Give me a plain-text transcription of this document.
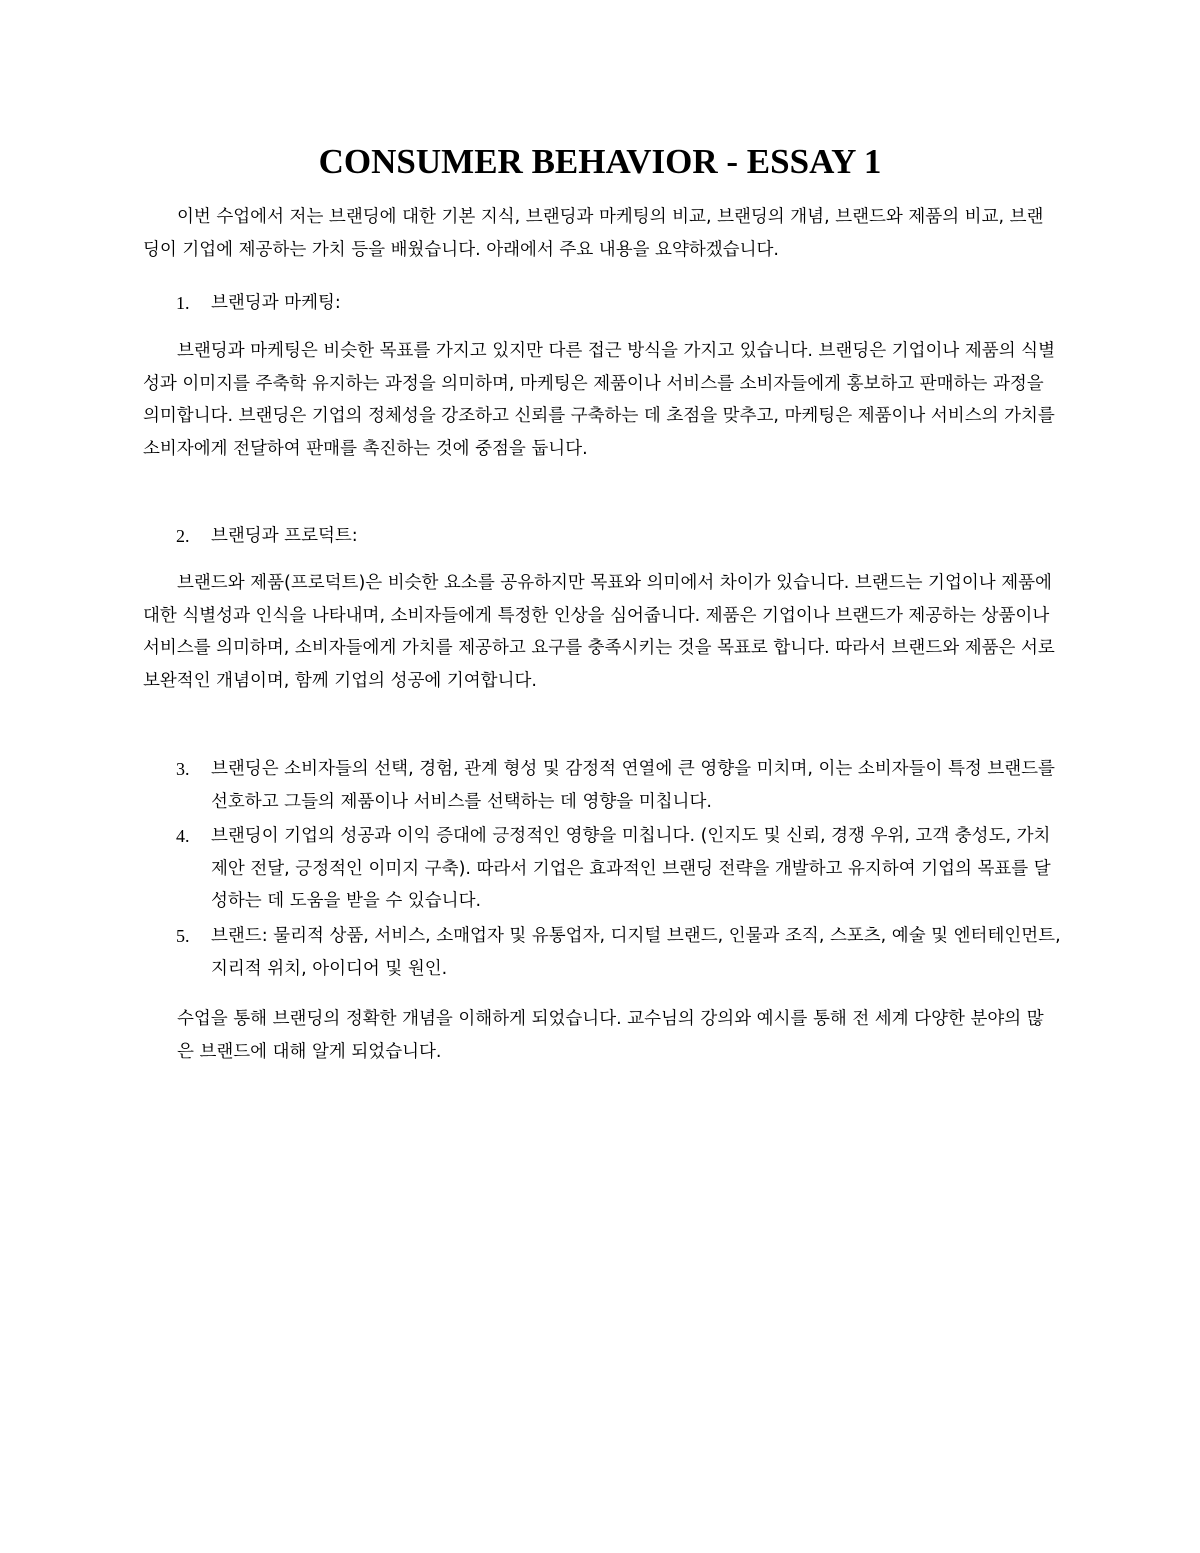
CONSUMER BEHAVIOR - ESSAY 1

이번 수업에서 저는 브랜딩에 대한 기본 지식, 브랜딩과 마케팅의 비교, 브랜딩의 개념, 브랜드와 제품의 비교, 브랜딩이 기업에 제공하는 가치 등을 배웠습니다. 아래에서 주요 내용을 요약하겠습니다.

1.	브랜딩과 마케팅:

브랜딩과 마케팅은 비슷한 목표를 가지고 있지만 다른 접근 방식을 가지고 있습니다. 브랜딩은 기업이나 제품의 식별성과 이미지를 주축학 유지하는 과정을 의미하며, 마케팅은 제품이나 서비스를 소비자들에게 홍보하고 판매하는 과정을 의미합니다. 브랜딩은 기업의 정체성을 강조하고 신뢰를 구축하는 데 초점을 맞추고, 마케팅은 제품이나 서비스의 가치를 소비자에게 전달하여 판매를 촉진하는 것에 중점을 둡니다.

2.	브랜딩과 프로덕트:

브랜드와 제품(프로덕트)은 비슷한 요소를 공유하지만 목표와 의미에서 차이가 있습니다. 브랜드는 기업이나 제품에 대한 식별성과 인식을 나타내며, 소비자들에게 특정한 인상을 심어줍니다. 제품은 기업이나 브랜드가 제공하는 상품이나 서비스를 의미하며, 소비자들에게 가치를 제공하고 요구를 충족시키는 것을 목표로 합니다. 따라서 브랜드와 제품은 서로 보완적인 개념이며, 함께 기업의 성공에 기여합니다.

3.	브랜딩은 소비자들의 선택, 경험, 관계 형성 및 감정적 연열에 큰 영향을 미치며, 이는 소비자들이 특정 브랜드를 선호하고 그들의 제품이나 서비스를 선택하는 데 영향을 미칩니다.
4.	브랜딩이 기업의 성공과 이익 증대에 긍정적인 영향을 미칩니다. (인지도 및 신뢰, 경쟁 우위, 고객 충성도, 가치 제안 전달, 긍정적인 이미지 구축). 따라서 기업은 효과적인 브랜딩 전략을 개발하고 유지하여 기업의 목표를 달성하는 데 도움을 받을 수 있습니다.
5.	브랜드: 물리적 상품, 서비스, 소매업자 및 유통업자, 디지털 브랜드, 인물과 조직, 스포츠, 예술 및 엔터테인먼트, 지리적 위치, 아이디어 및 원인.

수업을 통해 브랜딩의 정확한 개념을 이해하게 되었습니다. 교수님의 강의와 예시를 통해 전 세계 다양한 분야의 많은 브랜드에 대해 알게 되었습니다.
